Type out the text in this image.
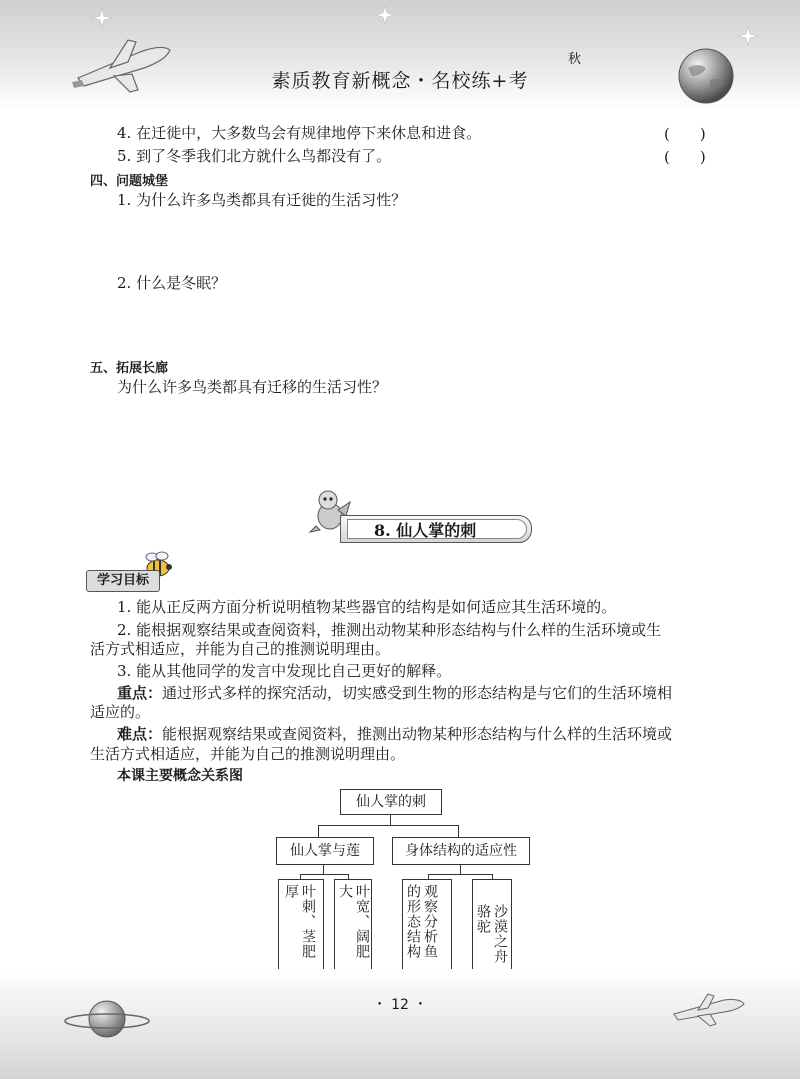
素质教育新概念・名校练+考
秋
4. 在迁徙中，大多数鸟会有规律地停下来休息和进食。	(　　)
5. 到了冬季我们北方就什么鸟都没有了。	(　　)
四、问题城堡
1. 为什么许多鸟类都具有迁徙的生活习性？
2. 什么是冬眠？
五、拓展长廊
为什么许多鸟类都具有迁移的生活习性？
8. 仙人掌的刺
学习目标
1. 能从正反两方面分析说明植物某些器官的结构是如何适应其生活环境的。
2. 能根据观察结果或查阅资料，推测出动物某种形态结构与什么样的生活环境或生
活方式相适应，并能为自己的推测说明理由。
3. 能从其他同学的发言中发现比自己更好的解释。
重点：通过形式多样的探究活动，切实感受到生物的形态结构是与它们的生活环境相
适应的。
难点：能根据观察结果或查阅资料，推测出动物某种形态结构与什么样的生活环境或
生活方式相适应，并能为自己的推测说明理由。
本课主要概念关系图
仙人掌的刺
仙人掌与莲	身体结构的适应性
叶刺、茎肥厚	叶宽、阔肥大	观察分析鱼的形态结构	沙漠之舟骆驼
・ 12 ・
